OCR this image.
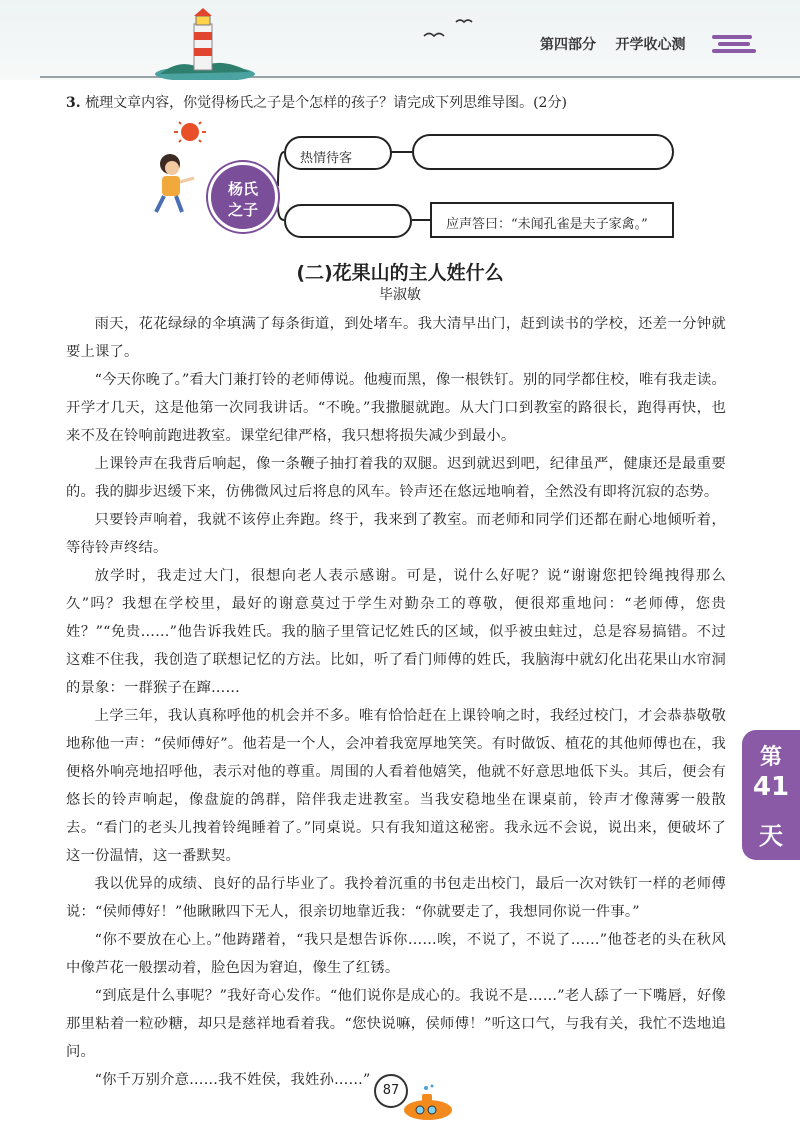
第四部分 开学收心测
3. 梳理文章内容，你觉得杨氏之子是个怎样的孩子？请完成下列思维导图。(2分)
杨氏
之子
热情待客
应声答曰：“未闻孔雀是夫子家禽。”
(二)花果山的主人姓什么
毕淑敏

雨天，花花绿绿的伞填满了每条街道，到处堵车。我大清早出门，赶到读书的学校，还差一分钟就要上课了。

“今天你晚了。”看大门兼打铃的老师傅说。他瘦而黑，像一根铁钉。别的同学都住校，唯有我走读。开学才几天，这是他第一次同我讲话。“不晚。”我撒腿就跑。从大门口到教室的路很长，跑得再快，也来不及在铃响前跑进教室。课堂纪律严格，我只想将损失减少到最小。

上课铃声在我背后响起，像一条鞭子抽打着我的双腿。迟到就迟到吧，纪律虽严，健康还是最重要的。我的脚步迟缓下来，仿佛微风过后将息的风车。铃声还在悠远地响着，全然没有即将沉寂的态势。

只要铃声响着，我就不该停止奔跑。终于，我来到了教室。而老师和同学们还都在耐心地倾听着，等待铃声终结。

放学时，我走过大门，很想向老人表示感谢。可是，说什么好呢？说“谢谢您把铃绳拽得那么久”吗？我想在学校里，最好的谢意莫过于学生对勤杂工的尊敬，便很郑重地问：“老师傅，您贵姓？”“免贵……”他告诉我姓氏。我的脑子里管记忆姓氏的区域，似乎被虫蛀过，总是容易搞错。不过这难不住我，我创造了联想记忆的方法。比如，听了看门师傅的姓氏，我脑海中就幻化出花果山水帘洞的景象：一群猴子在蹿……

上学三年，我认真称呼他的机会并不多。唯有恰恰赶在上课铃响之时，我经过校门，才会恭恭敬敬地称他一声：“侯师傅好”。他若是一个人，会冲着我宽厚地笑笑。有时做饭、植花的其他师傅也在，我便格外响亮地招呼他，表示对他的尊重。周围的人看着他嬉笑，他就不好意思地低下头。其后，便会有悠长的铃声响起，像盘旋的鸽群，陪伴我走进教室。当我安稳地坐在课桌前，铃声才像薄雾一般散去。“看门的老头儿拽着铃绳睡着了。”同桌说。只有我知道这秘密。我永远不会说，说出来，便破坏了这一份温情，这一番默契。

我以优异的成绩、良好的品行毕业了。我拎着沉重的书包走出校门，最后一次对铁钉一样的老师傅说：“侯师傅好！”他瞅瞅四下无人，很亲切地靠近我：“你就要走了，我想同你说一件事。”

“你不要放在心上。”他踌躇着，“我只是想告诉你……唉，不说了，不说了……”他苍老的头在秋风中像芦花一般摆动着，脸色因为窘迫，像生了红锈。

“到底是什么事呢？”我好奇心发作。“他们说你是成心的。我说不是……”老人舔了一下嘴唇，好像那里粘着一粒砂糖，却只是慈祥地看着我。“您快说嘛，侯师傅！”听这口气，与我有关，我忙不迭地追问。

“你千万别介意……我不姓侯，我姓孙……”

第
41
天
87
